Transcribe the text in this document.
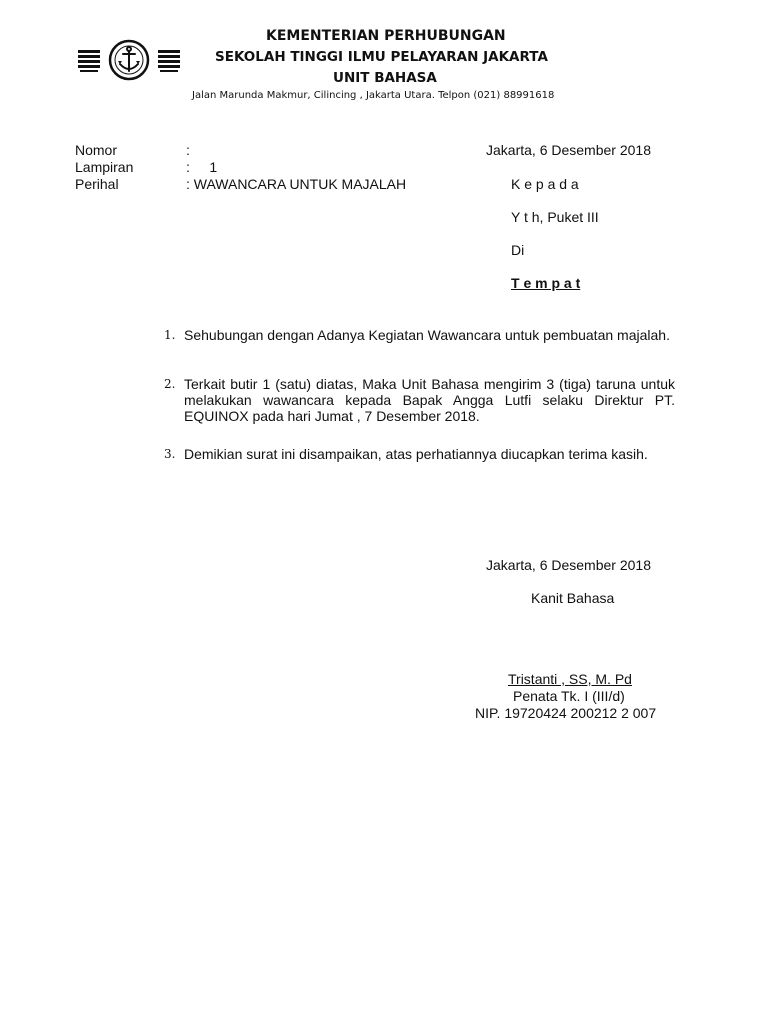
KEMENTERIAN PERHUBUNGAN
SEKOLAH TINGGI ILMU PELAYARAN JAKARTA
UNIT BAHASA
Jalan Marunda Makmur, Cilincing , Jakarta Utara. Telpon (021) 88991618
Nomor	:
Lampiran	:     1
Perihal	: WAWANCARA UNTUK MAJALAH
Jakarta, 6 Desember 2018
K e p a d a
Y t h, Puket III
Di
T e m p a t
1. Sehubungan dengan Adanya Kegiatan Wawancara untuk pembuatan majalah.
2. Terkait butir 1 (satu) diatas, Maka Unit Bahasa mengirim 3 (tiga) taruna untuk melakukan wawancara kepada Bapak Angga Lutfi selaku Direktur PT. EQUINOX pada hari Jumat , 7 Desember 2018.
3. Demikian surat ini disampaikan, atas perhatiannya diucapkan terima kasih.
Jakarta, 6 Desember 2018
Kanit Bahasa
Tristanti , SS, M. Pd
Penata Tk. I (III/d)
NIP. 19720424 200212 2 007
